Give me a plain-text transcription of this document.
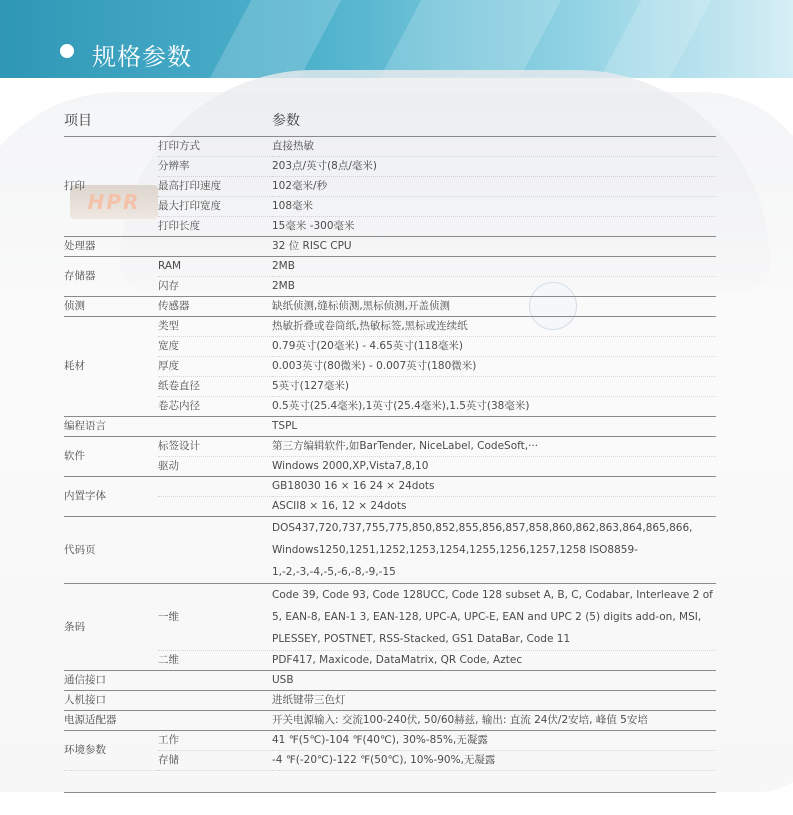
规格参数
HPR
项目		参数
打印	打印方式	直接热敏
	分辨率	203点/英寸(8点/毫米)
	最高打印速度	102毫米/秒
	最大打印宽度	108毫米
	打印长度	15毫米 -300毫米
处理器		32 位 RISC CPU
存储器	RAM	2MB
	闪存	2MB
侦测	传感器	缺纸侦测,缝标侦测,黑标侦测,开盖侦测
耗材	类型	热敏折叠或卷筒纸,热敏标签,黑标或连续纸
	宽度	0.79英寸(20毫米) - 4.65英寸(118毫米)
	厚度	0.003英寸(80微米) - 0.007英寸(180微米)
	纸卷直径	5英寸(127毫米)
	卷芯内径	0.5英寸(25.4毫米),1英寸(25.4毫米),1.5英寸(38毫米)
编程语言		TSPL
软件	标签设计	第三方编辑软件,如BarTender, NiceLabel, CodeSoft,···
	驱动	Windows 2000,XP,Vista7,8,10
内置字体		GB18030 16 × 16 24 × 24dots
		ASCII8 × 16, 12 × 24dots
代码页		DOS437,720,737,755,775,850,852,855,856,857,858,860,862,863,864,865,866, Windows1250,1251,1252,1253,1254,1255,1256,1257,1258 ISO8859-1,-2,-3,-4,-5,-6,-8,-9,-15
条码	一维	Code 39, Code 93, Code 128UCC, Code 128 subset A, B, C, Codabar, Interleave 2 of 5, EAN-8, EAN-1 3, EAN-128, UPC-A, UPC-E, EAN and UPC 2 (5) digits add-on, MSI, PLESSEY, POSTNET, RSS-Stacked, GS1 DataBar, Code 11
	二维	PDF417, Maxicode, DataMatrix, QR Code, Aztec
通信接口		USB
人机接口		进纸键带三色灯
电源适配器		开关电源输入: 交流100-240伏, 50/60赫兹, 输出: 直流 24伏/2安培, 峰值 5安培
环境参数	工作	41 ℉(5℃)-104 ℉(40℃), 30%-85%,无凝露
	存储	-4 ℉(-20℃)-122 ℉(50℃), 10%-90%,无凝露
